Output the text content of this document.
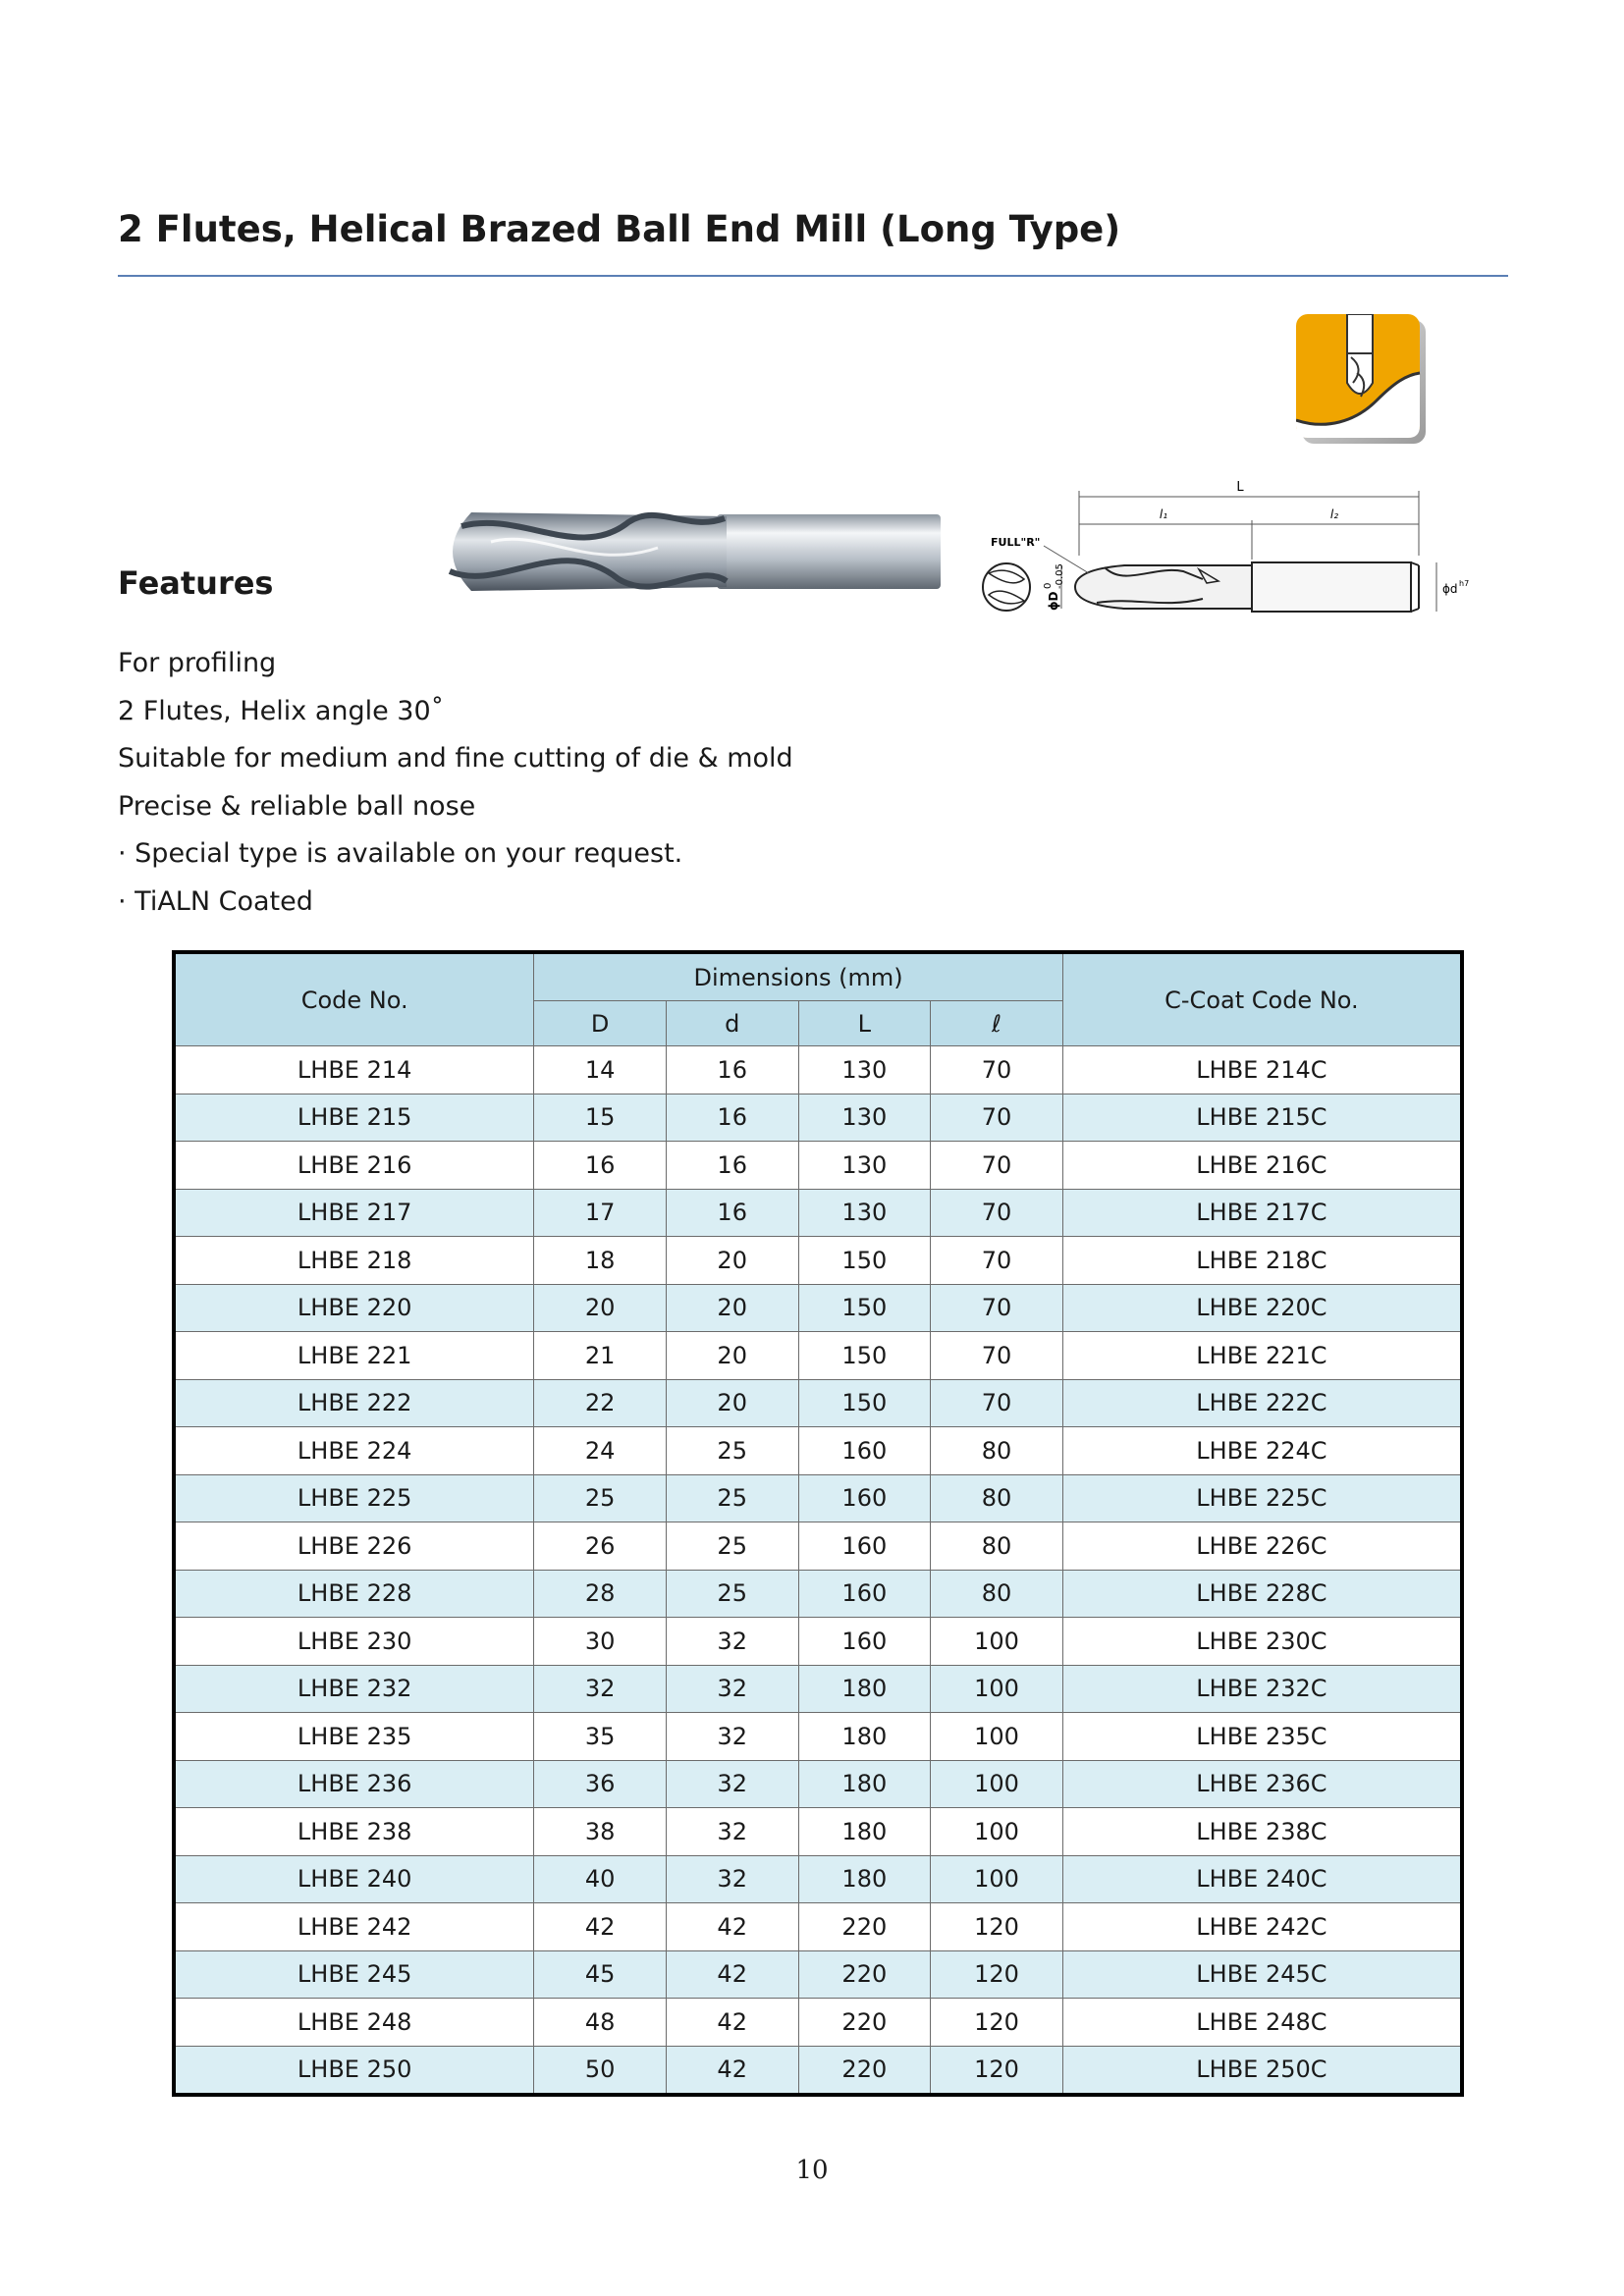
2 Flutes, Helical Brazed Ball End Mill (Long Type)
L
l₁	l₂
FULL"R"
ϕD
0 -0.05	ϕd h7
Features
For profiling
2 Flutes, Helix angle 30˚
Suitable for medium and fine cutting of die & mold
Precise & reliable ball nose
· Special type is available on your request.
· TiALN Coated
Code No.	Dimensions (mm)				C-Coat Code No.
	D	d	L	ℓ	
LHBE 214	14	16	130	70	LHBE 214C
LHBE 215	15	16	130	70	LHBE 215C
LHBE 216	16	16	130	70	LHBE 216C
LHBE 217	17	16	130	70	LHBE 217C
LHBE 218	18	20	150	70	LHBE 218C
LHBE 220	20	20	150	70	LHBE 220C
LHBE 221	21	20	150	70	LHBE 221C
LHBE 222	22	20	150	70	LHBE 222C
LHBE 224	24	25	160	80	LHBE 224C
LHBE 225	25	25	160	80	LHBE 225C
LHBE 226	26	25	160	80	LHBE 226C
LHBE 228	28	25	160	80	LHBE 228C
LHBE 230	30	32	160	100	LHBE 230C
LHBE 232	32	32	180	100	LHBE 232C
LHBE 235	35	32	180	100	LHBE 235C
LHBE 236	36	32	180	100	LHBE 236C
LHBE 238	38	32	180	100	LHBE 238C
LHBE 240	40	32	180	100	LHBE 240C
LHBE 242	42	42	220	120	LHBE 242C
LHBE 245	45	42	220	120	LHBE 245C
LHBE 248	48	42	220	120	LHBE 248C
LHBE 250	50	42	220	120	LHBE 250C
10
